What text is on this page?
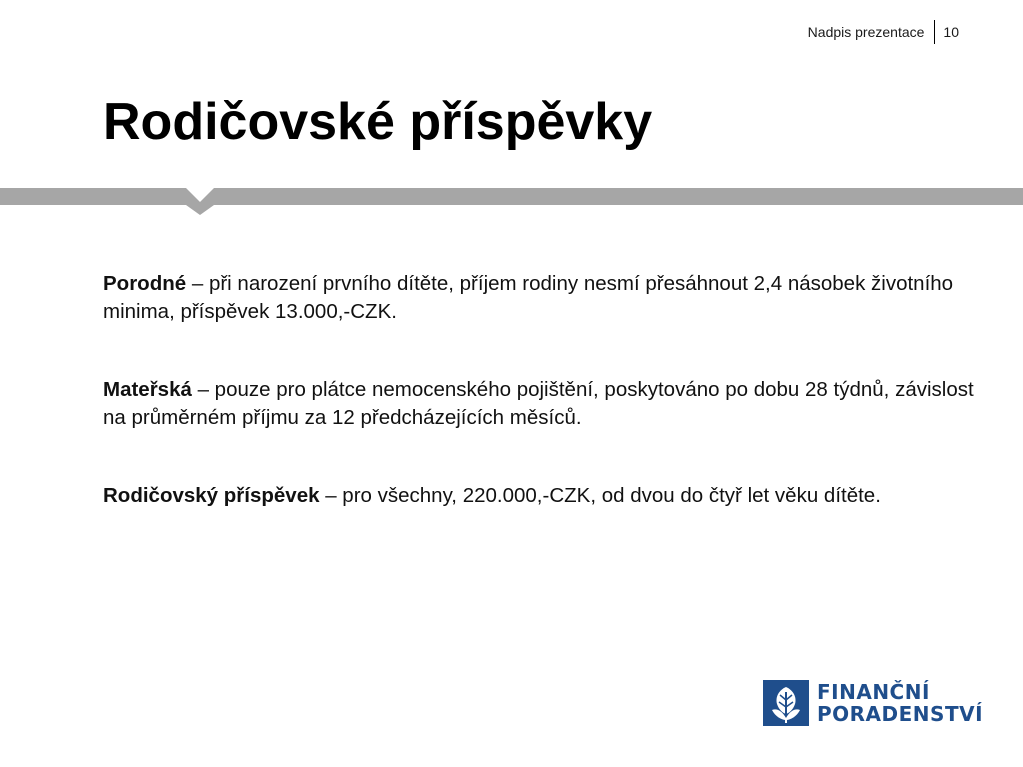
Nadpis prezentace 10
Rodičovské příspěvky

Porodné – při narození prvního dítěte, příjem rodiny nesmí přesáhnout 2,4 násobek životního minima, příspěvek 13.000,-CZK.

Mateřská – pouze pro plátce nemocenského pojištění, poskytováno po dobu 28 týdnů, závislost na průměrném příjmu za 12 předcházejících měsíců.

Rodičovský příspěvek – pro všechny, 220.000,-CZK, od dvou do čtyř let věku dítěte.

FINANČNÍ
PORADENSTVÍ
